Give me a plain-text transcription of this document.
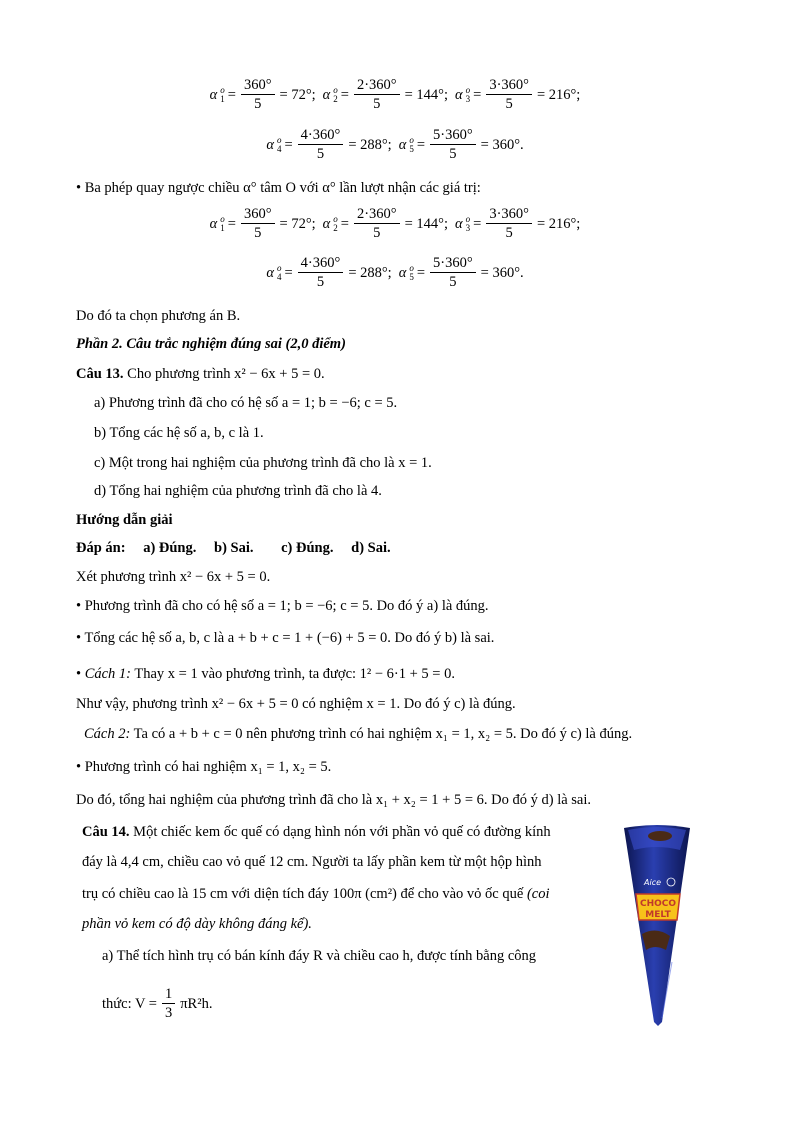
α o
$1 = \frac{360^\circ}{5} = 72^\circ$; α o
$2 = \frac{2\cdot 360^\circ}{5} = 144^\circ$; α o
$3 = \frac{3\cdot 360^\circ}{5} = 216^\circ$;
α o
$4 = \frac{4\cdot 360^\circ}{5} = 288^\circ$; α o
$5 = \frac{5\cdot 360^\circ}{5} = 360^\circ$.
• Ba phép quay ngược chiều α° tâm O với α° lần lượt nhận các giá trị:
α o
$1 = \frac{360^\circ}{5} = 72^\circ$; α o
$2 = \frac{2\cdot 360^\circ}{5} = 144^\circ$; α o
$3 = \frac{3\cdot 360^\circ}{5} = 216^\circ$;
α o
$4 = \frac{4\cdot 360^\circ}{5} = 288^\circ$; α o
$5 = \frac{5\cdot 360^\circ}{5} = 360^\circ$.
Do đó ta chọn phương án B.
Phần 2. Câu trắc nghiệm đúng sai (2,0 điểm)
Câu 13. Cho phương trình x² − 6x + 5 = 0.
a) Phương trình đã cho có hệ số a = 1; b = −6; c = 5.
b) Tổng các hệ số a, b, c là 1.
c) Một trong hai nghiệm của phương trình đã cho là x = 1.
d) Tổng hai nghiệm của phương trình đã cho là 4.
Hướng dẫn giải
Đáp án: a) Đúng. b) Sai. c) Đúng. d) Sai.
Xét phương trình x² − 6x + 5 = 0.
• Phương trình đã cho có hệ số a = 1; b = −6; c = 5. Do đó ý a) là đúng.
• Tổng các hệ số a, b, c là a + b + c = 1 + (−6) + 5 = 0. Do đó ý b) là sai.
• Cách 1: Thay x = 1 vào phương trình, ta được: 1² − 6·1 + 5 = 0.
Như vậy, phương trình x² − 6x + 5 = 0 có nghiệm x = 1. Do đó ý c) là đúng.
Cách 2: Ta có a + b + c = 0 nên phương trình có hai nghiệm x₁ = 1, x₂ = 5. Do đó ý c) là đúng.
• Phương trình có hai nghiệm x₁ = 1, x₂ = 5.
Do đó, tổng hai nghiệm của phương trình đã cho là x₁ + x₂ = 1 + 5 = 6. Do đó ý d) là sai.
Câu 14. Một chiếc kem ốc quế có dạng hình nón với phần vỏ quế có đường kính
đáy là 4,4 cm, chiều cao vỏ quế 12 cm. Người ta lấy phần kem từ một hộp hình
trụ có chiều cao là 15 cm với diện tích đáy 100π (cm²) để cho vào vỏ ốc quế (coi
phần vỏ kem có độ dày không đáng kể).
a) Thể tích hình trụ có bán kính đáy R và chiều cao h, được tính bằng công
thức: $V = \frac{1}{3} \pi R^2h$.
Aice
CHOCO
MELT
